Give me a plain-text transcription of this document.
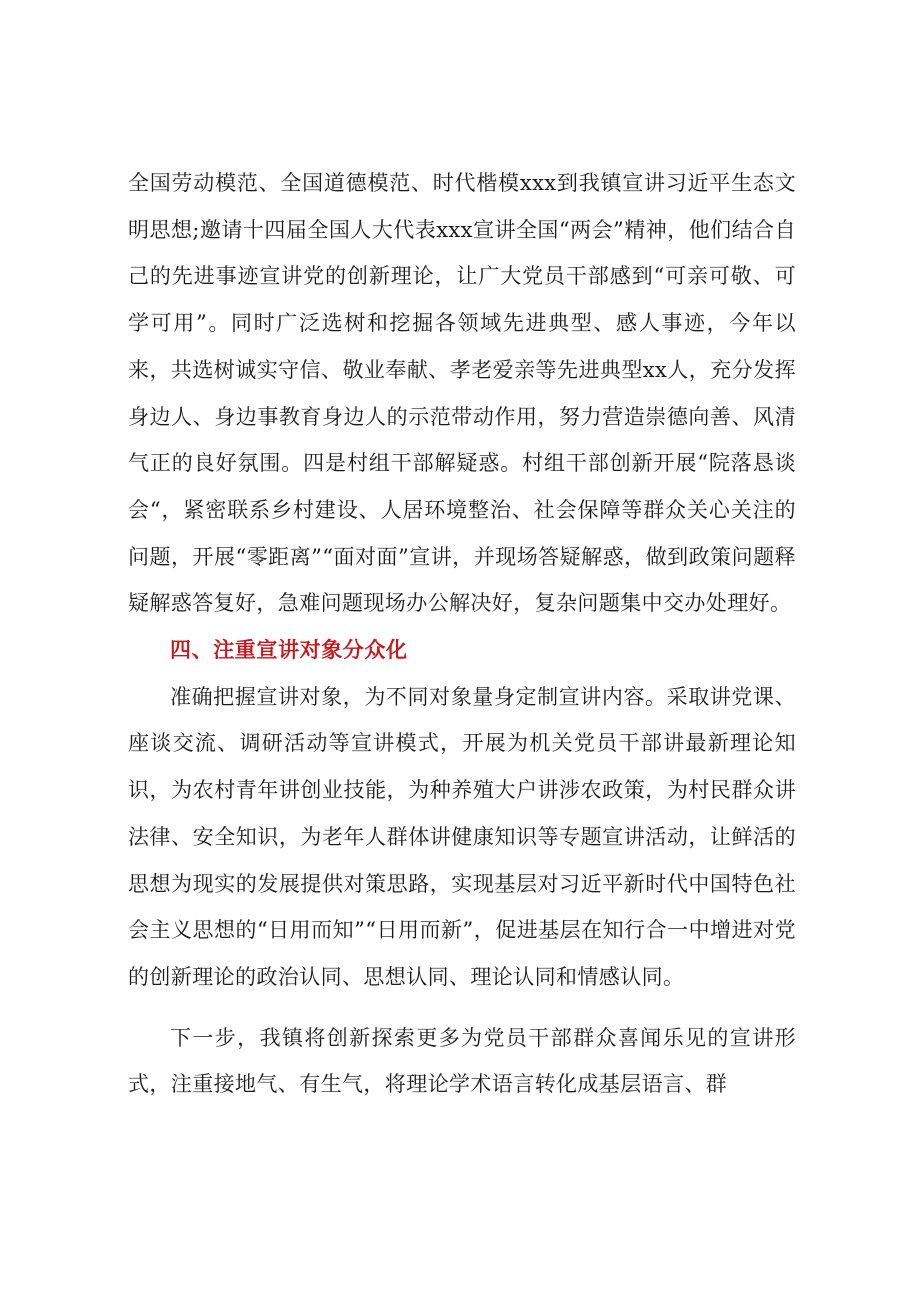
全国劳动模范、全国道德模范、时代楷模xxx到我镇宣讲习近平生态文明思想;邀请十四届全国人大代表xxx宣讲全国“两会”精神，他们结合自己的先进事迹宣讲党的创新理论，让广大党员干部感到“可亲可敬、可学可用”。同时广泛选树和挖掘各领域先进典型、感人事迹，今年以来，共选树诚实守信、敬业奉献、孝老爱亲等先进典型xx人，充分发挥身边人、身边事教育身边人的示范带动作用，努力营造崇德向善、风清气正的良好氛围。四是村组干部解疑惑。村组干部创新开展“院落恳谈会“，紧密联系乡村建设、人居环境整治、社会保障等群众关心关注的问题，开展“零距离”“面对面”宣讲，并现场答疑解惑，做到政策问题释疑解惑答复好，急难问题现场办公解决好，复杂问题集中交办处理好。

四、注重宣讲对象分众化

准确把握宣讲对象，为不同对象量身定制宣讲内容。采取讲党课、座谈交流、调研活动等宣讲模式，开展为机关党员干部讲最新理论知识，为农村青年讲创业技能，为种养殖大户讲涉农政策，为村民群众讲法律、安全知识，为老年人群体讲健康知识等专题宣讲活动，让鲜活的思想为现实的发展提供对策思路，实现基层对习近平新时代中国特色社会主义思想的“日用而知”“日用而新”，促进基层在知行合一中增进对党的创新理论的政治认同、思想认同、理论认同和情感认同。

下一步，我镇将创新探索更多为党员干部群众喜闻乐见的宣讲形式，注重接地气、有生气，将理论学术语言转化成基层语言、群
